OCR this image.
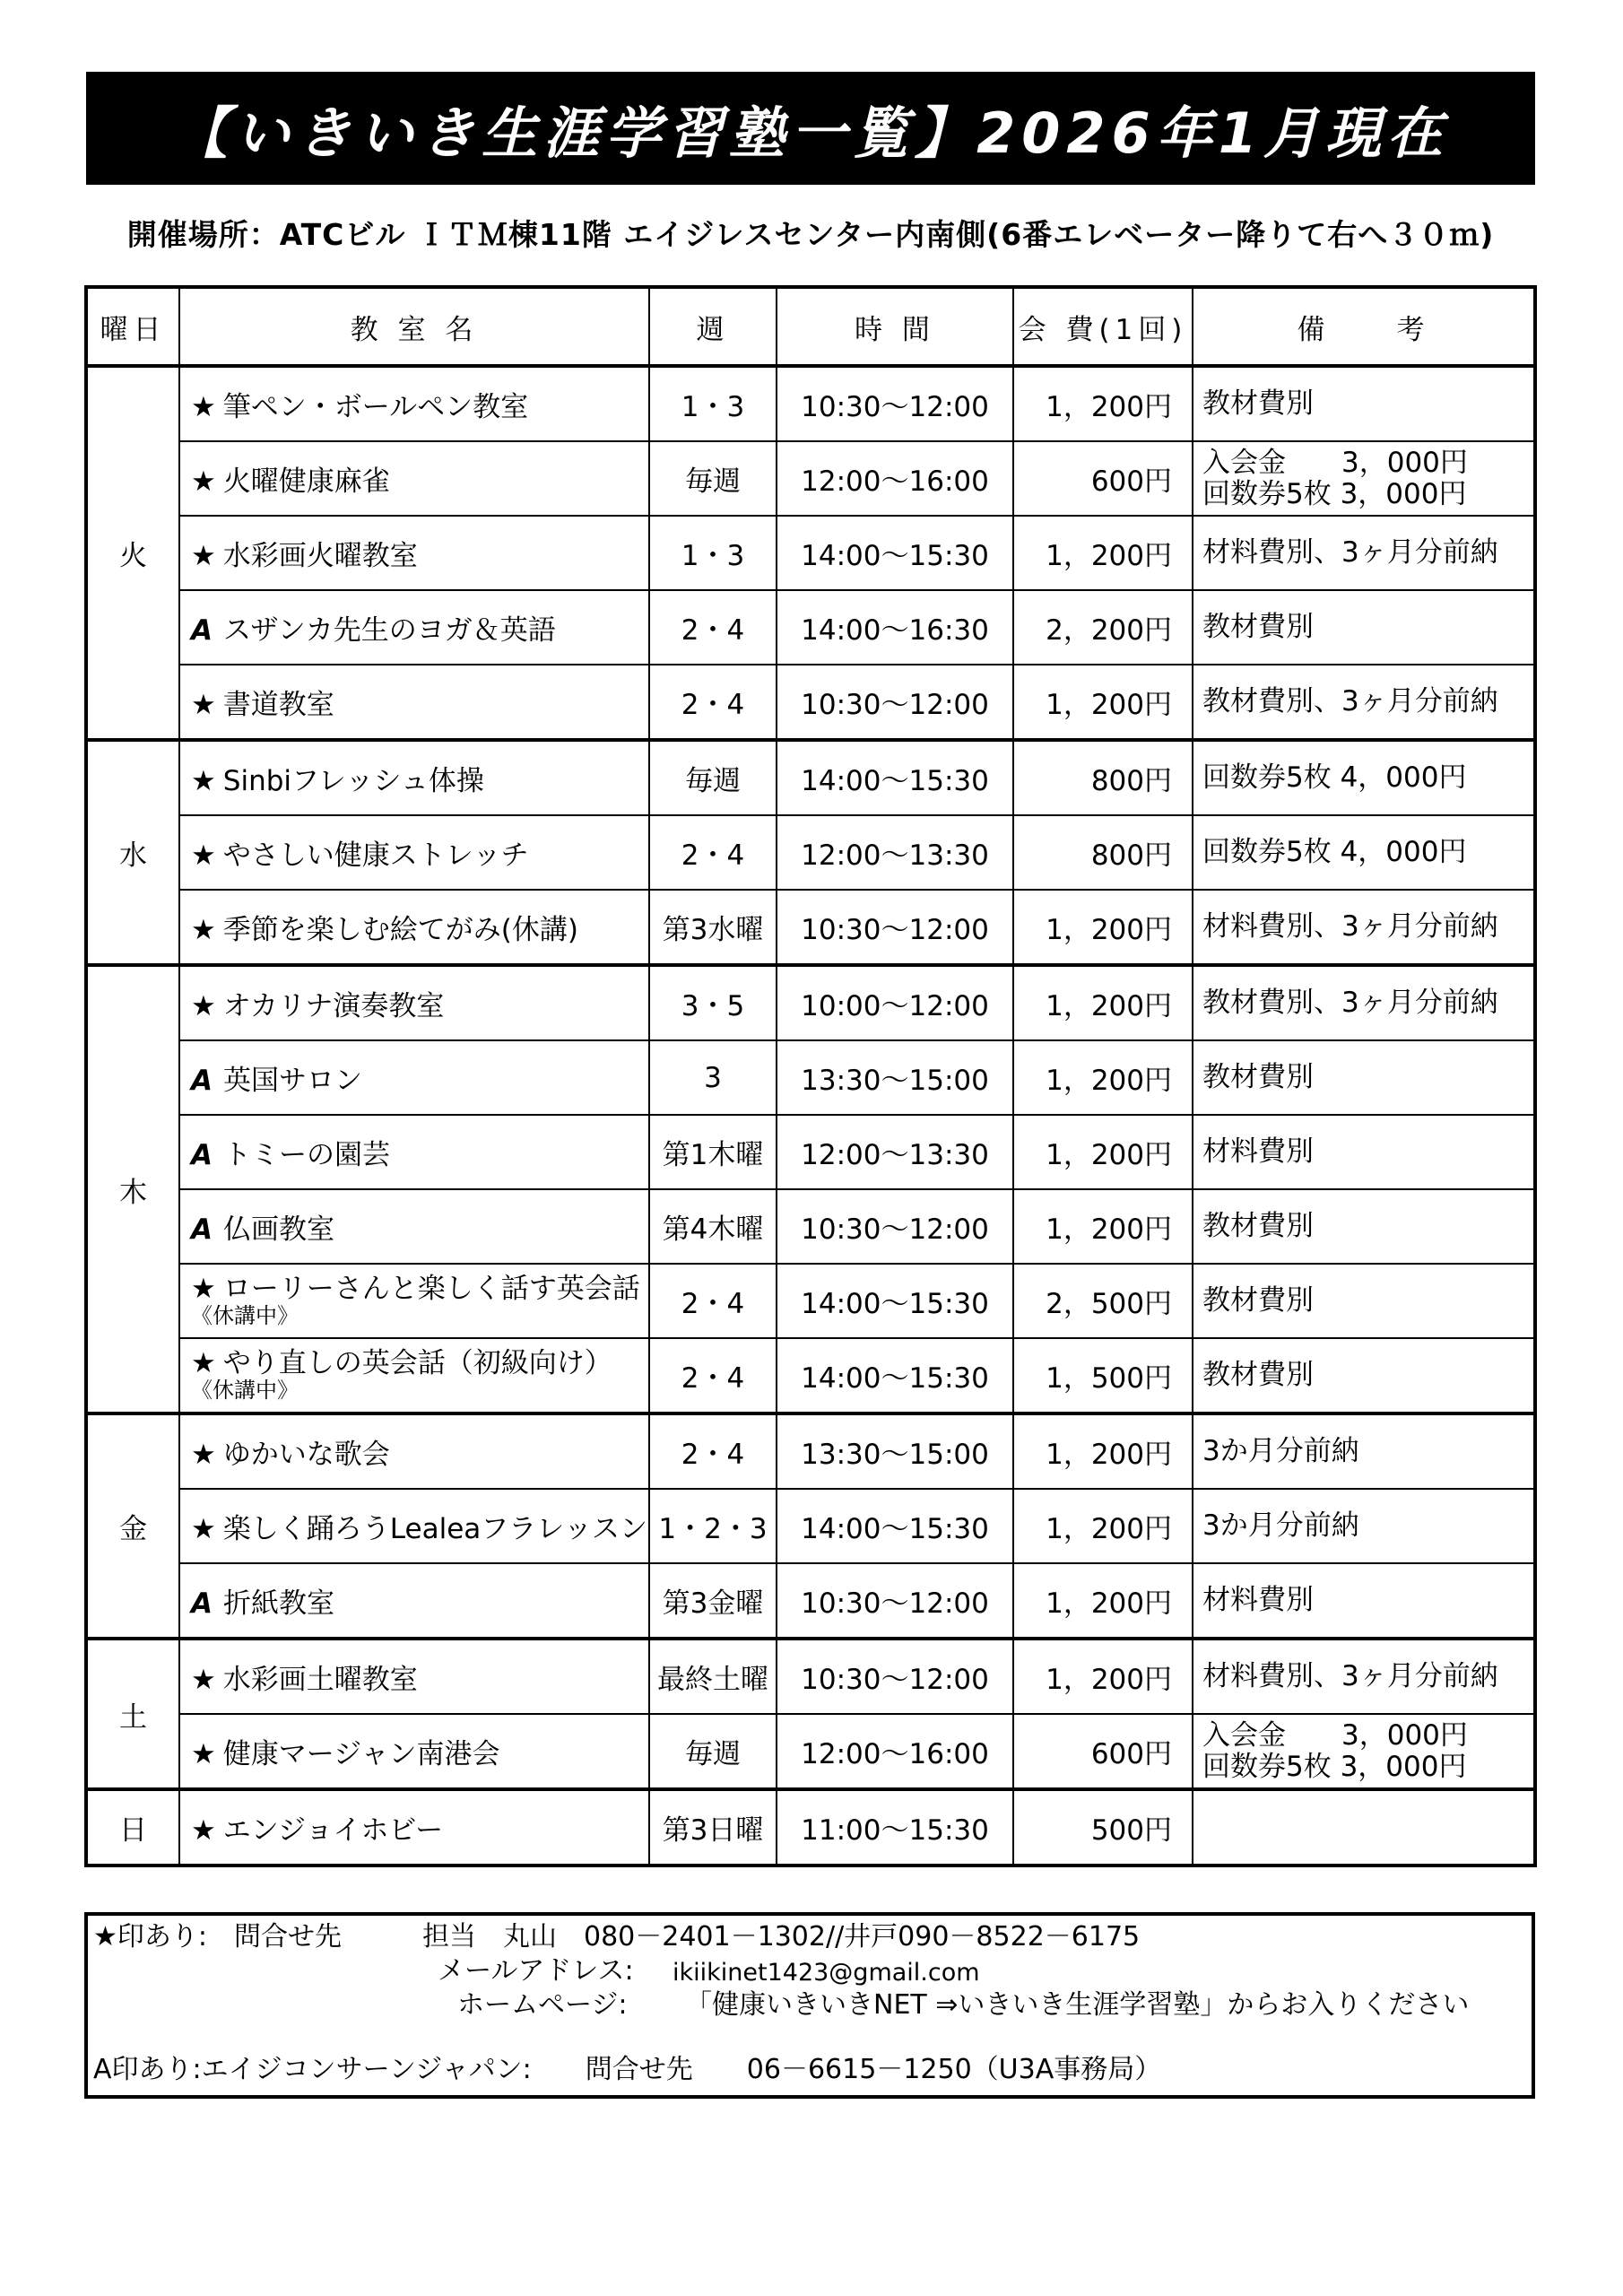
【いきいき生涯学習塾一覧】2026年1月現在
開催場所：ATCビル ＩＴＭ棟11階 エイジレスセンター内南側(6番エレベーター降りて右へ３０ｍ)
曜日	教 室 名	週	時 間	会 費(1回)	備　　考
火	★ 筆ペン・ボールペン教室	1・3	10:30～12:00	1，200円	教材費別
	★ 火曜健康麻雀	毎週	12:00～16:00	600円	入会金　　3，000円
回数券5枚 3，000円

	★ 水彩画火曜教室	1・3	14:00～15:30	1，200円	材料費別、3ヶ月分前納
	A スザンカ先生のヨガ＆英語	2・4	14:00～16:30	2，200円	教材費別
	★ 書道教室	2・4	10:30～12:00	1，200円	教材費別、3ヶ月分前納
水	★ Sinbiフレッシュ体操	毎週	14:00～15:30	800円	回数券5枚 4，000円
	★ やさしい健康ストレッチ	2・4	12:00～13:30	800円	回数券5枚 4，000円
	★ 季節を楽しむ絵てがみ(休講)	第3水曜	10:30～12:00	1，200円	材料費別、3ヶ月分前納
木	★ オカリナ演奏教室	3・5	10:00～12:00	1，200円	教材費別、3ヶ月分前納
	A 英国サロン	3	13:30～15:00	1，200円	教材費別
	A トミーの園芸	第1木曜	12:00～13:30	1，200円	材料費別
	A 仏画教室	第4木曜	10:30～12:00	1，200円	教材費別
	★ ローリーさんと楽しく話す英会話
《休講中》	2・4	14:00～15:30	2，500円	教材費別
	★ やり直しの英会話（初級向け）
《休講中》	2・4	14:00～15:30	1，500円	教材費別
金	★ ゆかいな歌会	2・4	13:30～15:00	1，200円	3か月分前納
	★ 楽しく踊ろうLealeaフラレッスン	1・2・3	14:00～15:30	1，200円	3か月分前納
	A 折紙教室	第3金曜	10:30～12:00	1，200円	材料費別
土	★ 水彩画土曜教室	最終土曜	10:30～12:00	1，200円	材料費別、3ヶ月分前納
	★ 健康マージャン南港会	毎週	12:00～16:00	600円	入会金　　3，000円
回数券5枚 3，000円

日	★ エンジョイホビー	第3日曜	11:00～15:30	500円	
★印あり:　問合せ先　　　担当　丸山　080－2401－1302//井戸090－8522－6175
メールアドレス: ikiikinet1423@gmail.com
ホームページ: 「健康いきいきNET ⇒いきいき生涯学習塾」からお入りください
A印あり:エイジコンサーンジャパン:　　問合せ先　　06－6615－1250（U3A事務局）
